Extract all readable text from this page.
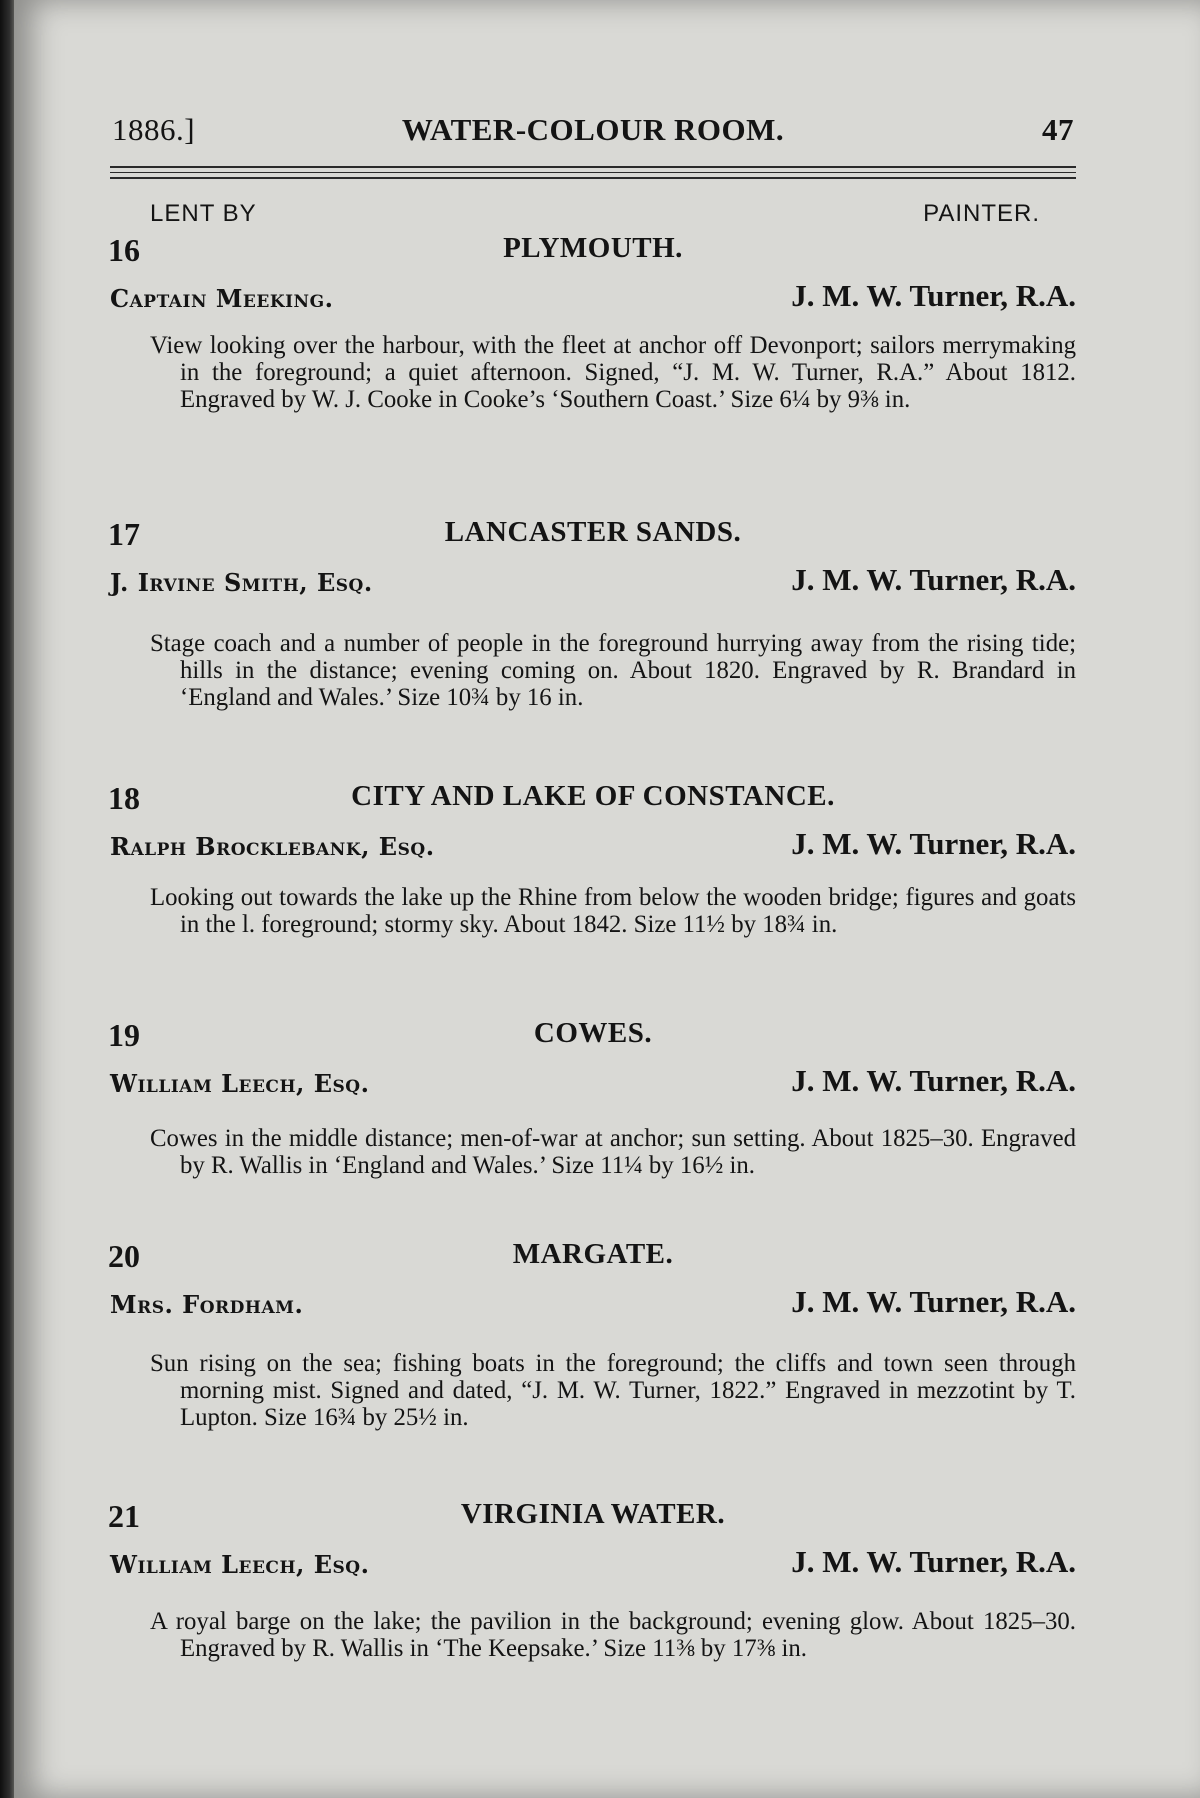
1886.]	WATER-COLOUR ROOM.	47
LENT BY	PAINTER.
16	PLYMOUTH.
Captain Meeking.	J. M. W. Turner, R.A.
View looking over the harbour, with the fleet at anchor off Devonport; sailors merrymaking in the foreground; a quiet afternoon. Signed, “J. M. W. Turner, R.A.” About 1812. Engraved by W. J. Cooke in Cooke’s ‘Southern Coast.’ Size 6¼ by 9⅜ in.
17	LANCASTER SANDS.
J. Irvine Smith, Esq.	J. M. W. Turner, R.A.
Stage coach and a number of people in the foreground hurrying away from the rising tide; hills in the distance; evening coming on. About 1820. Engraved by R. Brandard in ‘England and Wales.’ Size 10¾ by 16 in.
18	CITY AND LAKE OF CONSTANCE.
Ralph Brocklebank, Esq.	J. M. W. Turner, R.A.
Looking out towards the lake up the Rhine from below the wooden bridge; figures and goats in the l. foreground; stormy sky. About 1842. Size 11½ by 18¾ in.
19	COWES.
William Leech, Esq.	J. M. W. Turner, R.A.
Cowes in the middle distance; men-of-war at anchor; sun setting. About 1825–30. Engraved by R. Wallis in ‘England and Wales.’ Size 11¼ by 16½ in.
20	MARGATE.
Mrs. Fordham.	J. M. W. Turner, R.A.
Sun rising on the sea; fishing boats in the foreground; the cliffs and town seen through morning mist. Signed and dated, “J. M. W. Turner, 1822.” Engraved in mezzotint by T. Lupton. Size 16¾ by 25½ in.
21	VIRGINIA WATER.
William Leech, Esq.	J. M. W. Turner, R.A.
A royal barge on the lake; the pavilion in the background; evening glow. About 1825–30. Engraved by R. Wallis in ‘The Keepsake.’ Size 11⅜ by 17⅜ in.
